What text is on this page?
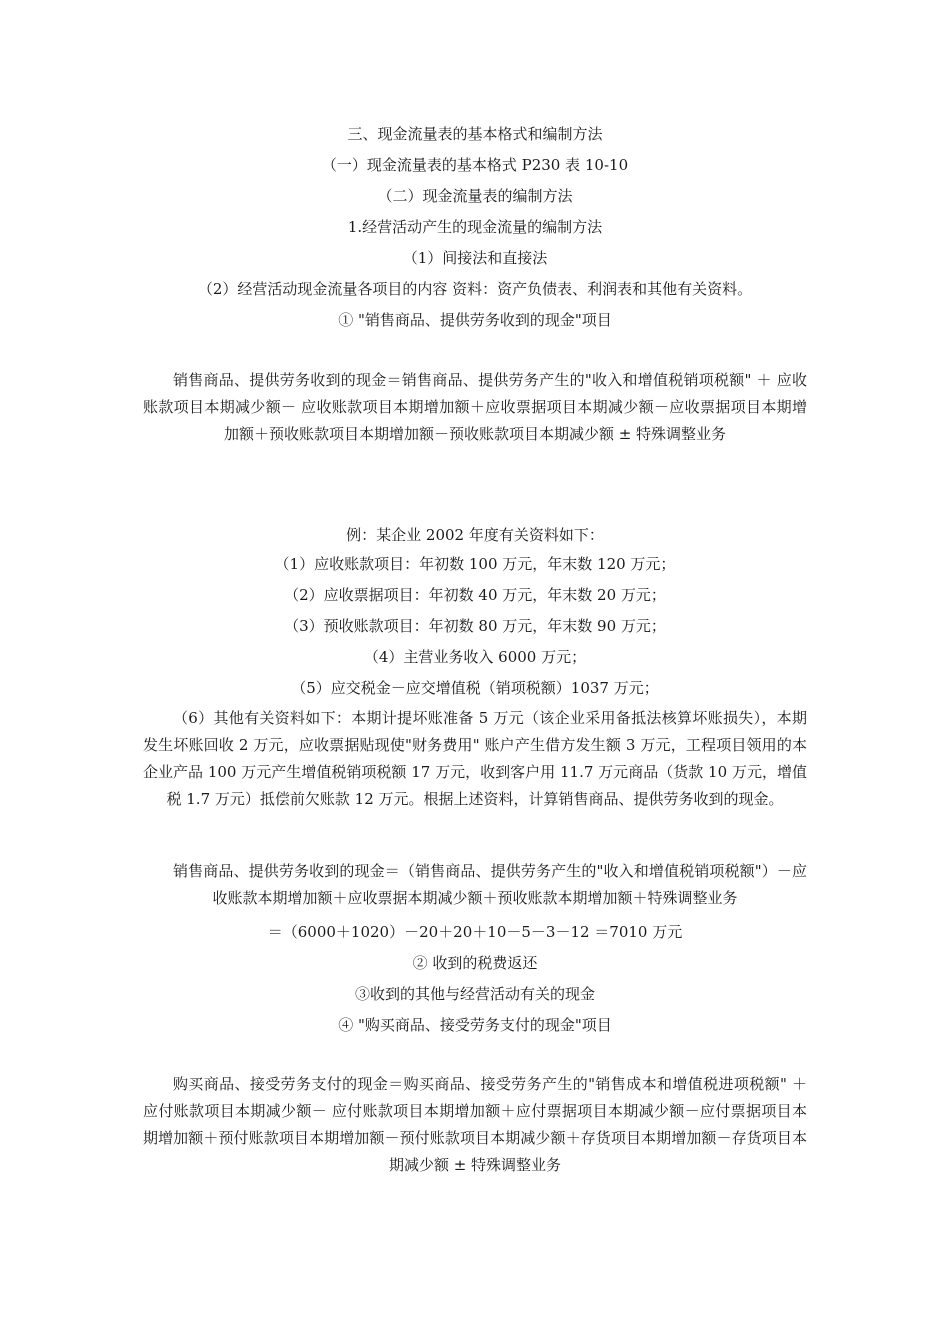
三、现金流量表的基本格式和编制方法
（一）现金流量表的基本格式 P230 表 10-10
（二）现金流量表的编制方法
1.经营活动产生的现金流量的编制方法
（1）间接法和直接法
（2）经营活动现金流量各项目的内容 资料：资产负债表、利润表和其他有关资料。
① "销售商品、提供劳务收到的现金"项目
销售商品、提供劳务收到的现金＝销售商品、提供劳务产生的"收入和增值税销项税额" ＋ 应收账款项目本期减少额－ 应收账款项目本期增加额＋应收票据项目本期减少额－应收票据项目本期增加额＋预收账款项目本期增加额－预收账款项目本期减少额 ± 特殊调整业务
例：某企业 2002 年度有关资料如下：
（1）应收账款项目：年初数 100 万元，年末数 120 万元；
（2）应收票据项目：年初数 40 万元，年末数 20 万元；
（3）预收账款项目：年初数 80 万元，年末数 90 万元；
（4）主营业务收入 6000 万元；
（5）应交税金－应交增值税（销项税额）1037 万元；
（6）其他有关资料如下：本期计提坏账准备 5 万元（该企业采用备抵法核算坏账损失），本期发生坏账回收 2 万元，应收票据贴现使"财务费用" 账户产生借方发生额 3 万元，工程项目领用的本企业产品 100 万元产生增值税销项税额 17 万元，收到客户用 11.7 万元商品（货款 10 万元，增值税 1.7 万元）抵偿前欠账款 12 万元。根据上述资料，计算销售商品、提供劳务收到的现金。
销售商品、提供劳务收到的现金＝（销售商品、提供劳务产生的"收入和增值税销项税额"）－应收账款本期增加额＋应收票据本期减少额＋预收账款本期增加额＋特殊调整业务
＝（6000＋1020）－20＋20＋10－5－3－12 ＝7010 万元
② 收到的税费返还
③收到的其他与经营活动有关的现金
④ "购买商品、接受劳务支付的现金"项目
购买商品、接受劳务支付的现金＝购买商品、接受劳务产生的"销售成本和增值税进项税额" ＋ 应付账款项目本期减少额－ 应付账款项目本期增加额＋应付票据项目本期减少额－应付票据项目本期增加额＋预付账款项目本期增加额－预付账款项目本期减少额＋存货项目本期增加额－存货项目本期减少额 ± 特殊调整业务
